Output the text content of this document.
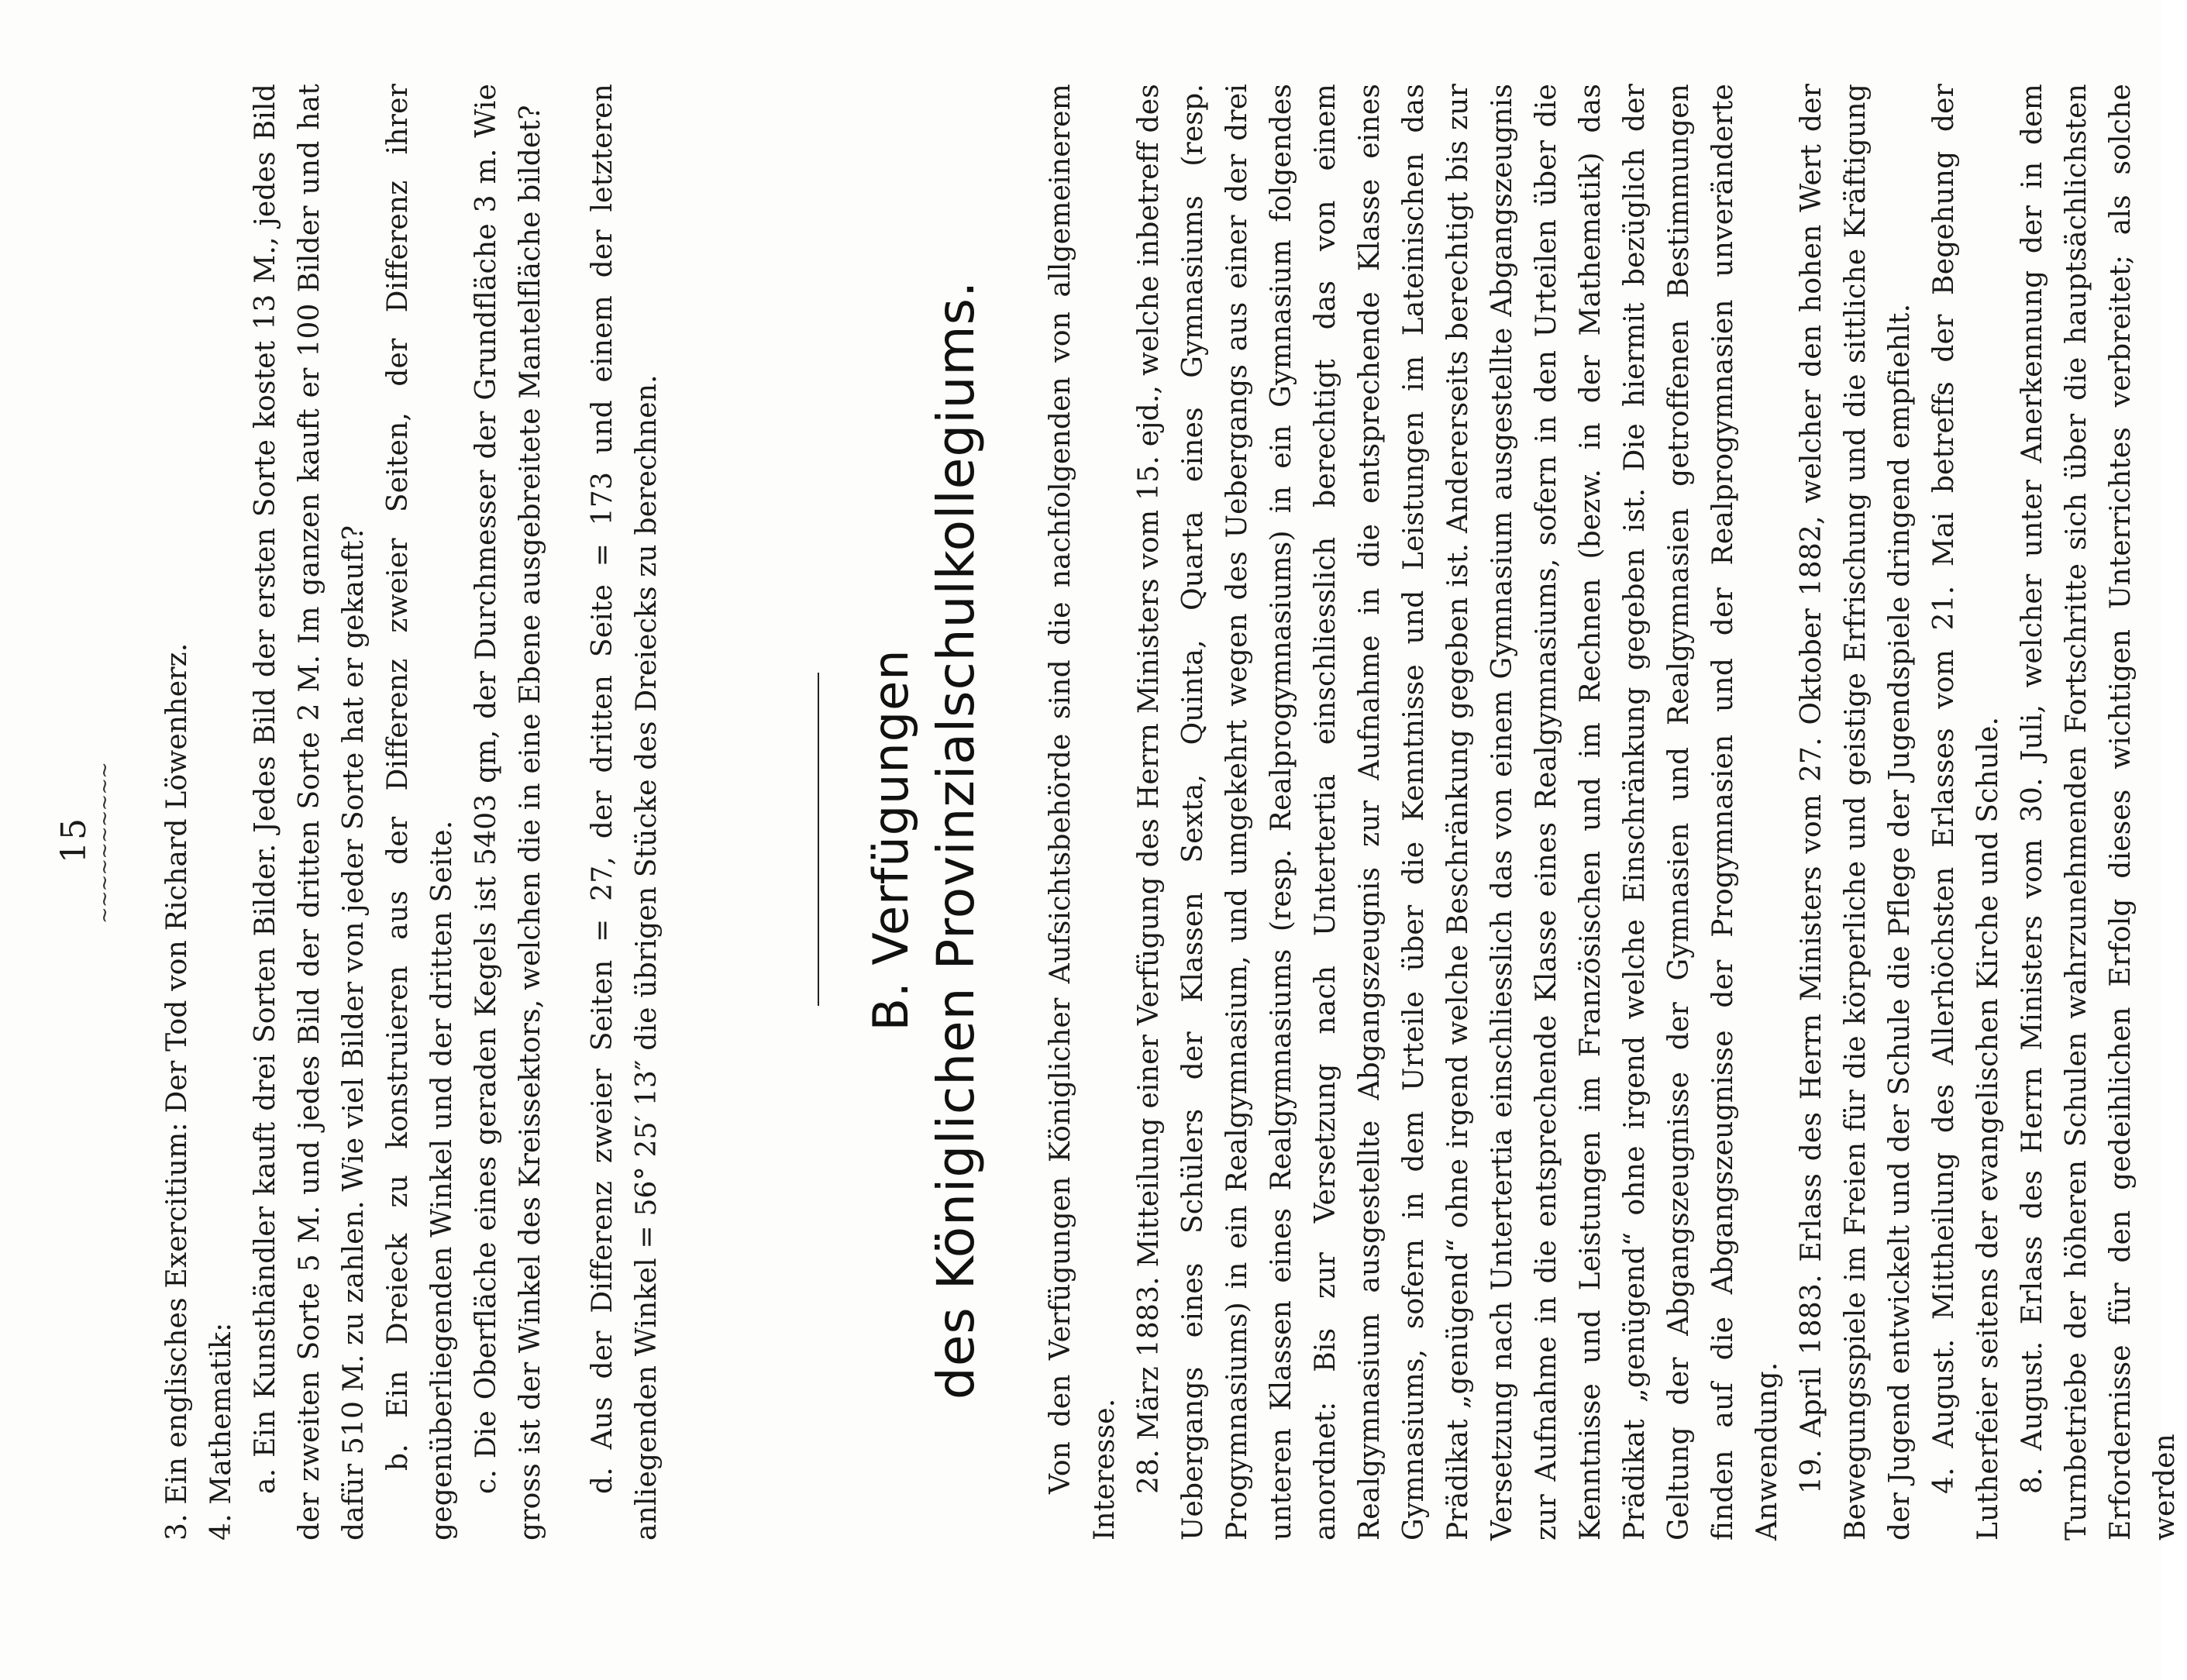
15 ~~~~~~~~~~ 3. Ein englisches Exercitium: Der Tod von Richard Löwenherz. 4. Mathematik: a. Ein Kunsthändler kauft drei Sorten Bilder. Jedes Bild der ersten Sorte kostet 13 M., jedes Bild der zweiten Sorte 5 M. und jedes Bild der dritten Sorte 2 M. Im ganzen kauft er 100 Bilder und hat dafür 510 M. zu zahlen. Wie viel Bilder von jeder Sorte hat er gekauft? b. Ein Dreieck zu konstruieren aus der Differenz zweier Seiten, der Differenz ihrer gegenüberliegenden Winkel und der dritten Seite. c. Die Oberfläche eines geraden Kegels ist 5403 qm, der Durchmesser der Grundfläche 3 m. Wie gross ist der Winkel des Kreissektors, welchen die in eine Ebene ausgebreitete Mantelfläche bildet? d. Aus der Differenz zweier Seiten = 27, der dritten Seite = 173 und einem der letzteren anliegenden Winkel = 56° 25′ 13″ die übrigen Stücke des Dreiecks zu berechnen.	B. Verfügungen des Königlichen Provinzialschulkollegiums. Von den Verfügungen Königlicher Aufsichtsbehörde sind die nachfolgenden von allgemeinerem Interesse. 28. März 1883. Mitteilung einer Verfügung des Herrn Ministers vom 15. ejd., welche inbetreff des Uebergangs eines Schülers der Klassen Sexta, Quinta, Quarta eines Gymnasiums (resp. Progymnasiums) in ein Realgymnasium, und umgekehrt wegen des Uebergangs aus einer der drei unteren Klassen eines Realgymnasiums (resp. Realprogymnasiums) in ein Gymnasium folgendes anordnet: Bis zur Versetzung nach Untertertia einschliesslich berechtigt das von einem Realgymnasium ausgestellte Abgangszeugnis zur Aufnahme in die entsprechende Klasse eines Gymnasiums, sofern in dem Urteile über die Kenntnisse und Leistungen im Lateinischen das Prädikat „genügend“ ohne irgend welche Beschränkung gegeben ist. Andererseits berechtigt bis zur Versetzung nach Untertertia einschliesslich das von einem Gymnasium ausgestellte Abgangszeugnis zur Aufnahme in die entsprechende Klasse eines Realgymnasiums, sofern in den Urteilen über die Kenntnisse und Leistungen im Französischen und im Rechnen (bezw. in der Mathematik) das Prädikat „genügend“ ohne irgend welche Einschränkung gegeben ist. Die hiermit bezüglich der Geltung der Abgangszeugnisse der Gymnasien und Realgymnasien getroffenen Bestimmungen finden auf die Abgangszeugnisse der Progymnasien und der Realprogymnasien unveränderte Anwendung. 19. April 1883. Erlass des Herrn Ministers vom 27. Oktober 1882, welcher den hohen Wert der Bewegungsspiele im Freien für die körperliche und geistige Erfrischung und die sittliche Kräftigung der Jugend entwickelt und der Schule die Pflege der Jugendspiele dringend empfiehlt. 4. August. Mittheilung des Allerhöchsten Erlasses vom 21. Mai betreffs der Begehung der Lutherfeier seitens der evangelischen Kirche und Schule. 8. August. Erlass des Herrn Ministers vom 30. Juli, welcher unter Anerkennung der in dem Turnbetriebe der höheren Schulen wahrzunehmenden Fortschritte sich über die hauptsächlichsten Erfordernisse für den gedeihlichen Erfolg dieses wichtigen Unterrichtes verbreitet; als solche werden
